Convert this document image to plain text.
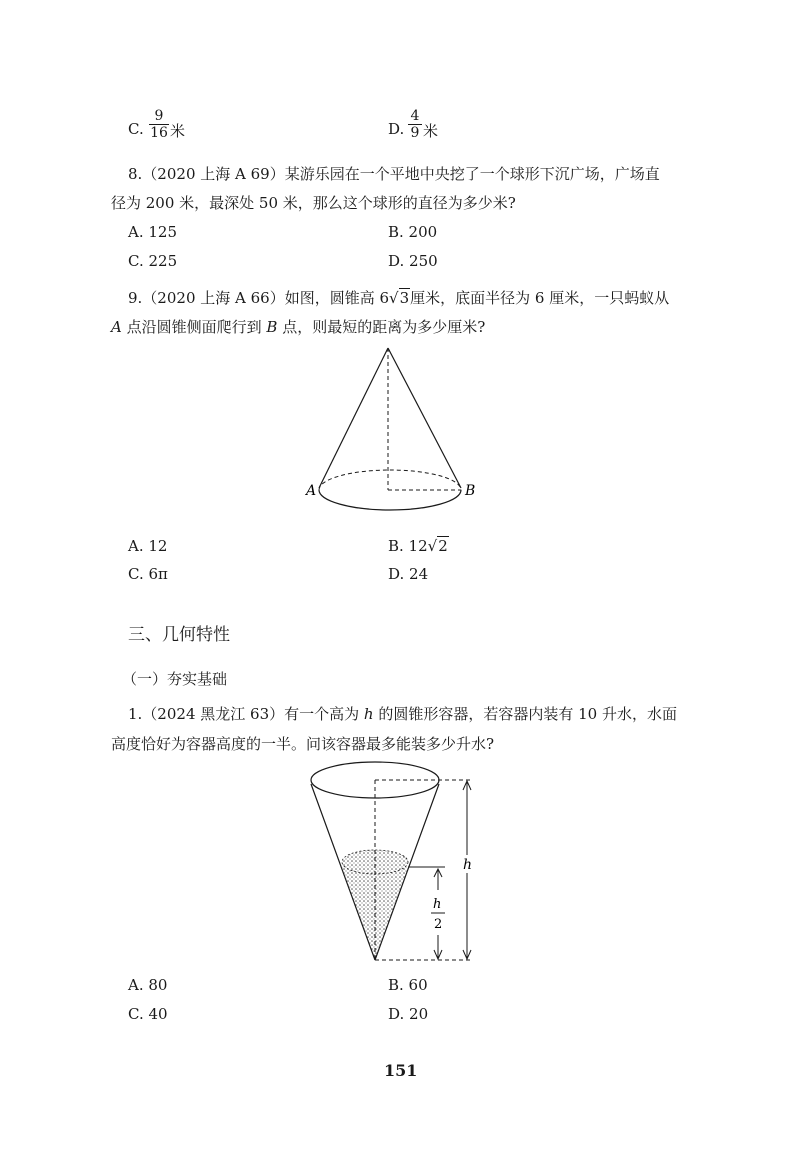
C. $\frac{9}{16}$ 米	D. $\frac{4}{9}$ 米
8.（2020 上海 A 69）某游乐园在一个平地中央挖了一个球形下沉广场，广场直
径为 200 米，最深处 50 米，那么这个球形的直径为多少米?
A. 125	B. 200
C. 225	D. 250
9.（2020 上海 A 66）如图，圆锥高 6√3厘米，底面半径为 6 厘米，一只蚂蚁从
A 点沿圆锥侧面爬行到 B 点，则最短的距离为多少厘米?
A	B
A. 12	B. 12√2
C. 6π	D. 24
三、几何特性
（一）夯实基础
1.（2024 黑龙江 63）有一个高为 h 的圆锥形容器，若容器内装有 10 升水，水面
高度恰好为容器高度的一半。问该容器最多能装多少升水?
h
h
2
A. 80	B. 60
C. 40	D. 20
151
